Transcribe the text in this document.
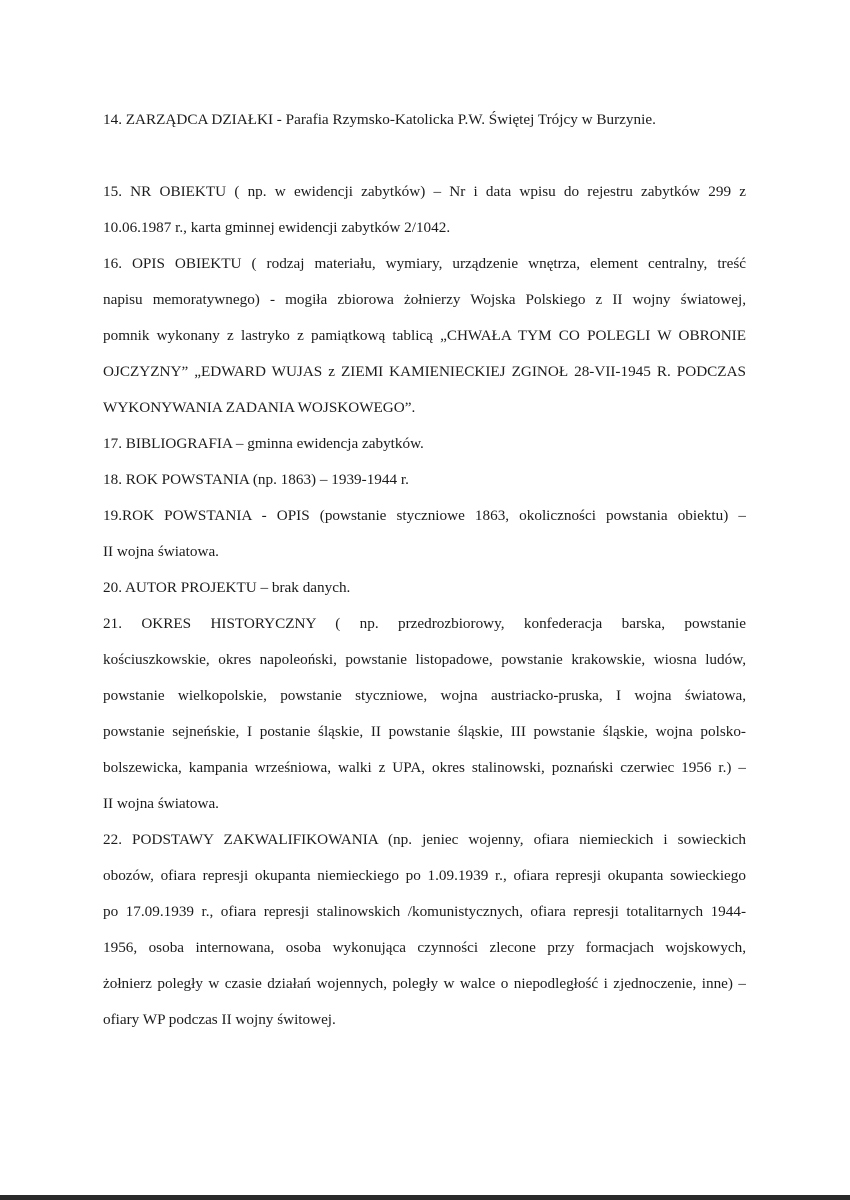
14. ZARZĄDCA DZIAŁKI - Parafia Rzymsko-Katolicka P.W. Świętej Trójcy w Burzynie.
15. NR OBIEKTU ( np. w ewidencji zabytków) – Nr i data wpisu do rejestru zabytków 299 z
10.06.1987 r., karta gminnej ewidencji zabytków 2/1042.
16. OPIS OBIEKTU ( rodzaj materiału, wymiary, urządzenie wnętrza, element centralny, treść
napisu memoratywnego) - mogiła zbiorowa żołnierzy Wojska Polskiego z II wojny światowej,
pomnik wykonany z lastryko z pamiątkową tablicą „CHWAŁA TYM CO POLEGLI W OBRONIE
OJCZYZNY” „EDWARD WUJAS z ZIEMI KAMIENIECKIEJ ZGINOŁ 28-VII-1945 R. PODCZAS
WYKONYWANIA ZADANIA WOJSKOWEGO”.
17. BIBLIOGRAFIA – gminna ewidencja zabytków.
18. ROK POWSTANIA (np. 1863) – 1939-1944 r.
19.ROK POWSTANIA - OPIS (powstanie styczniowe 1863, okoliczności powstania obiektu) –
II wojna światowa.
20. AUTOR PROJEKTU – brak danych.
21. OKRES HISTORYCZNY ( np. przedrozbiorowy, konfederacja barska, powstanie
kościuszkowskie, okres napoleoński, powstanie listopadowe, powstanie krakowskie, wiosna ludów,
powstanie wielkopolskie, powstanie styczniowe, wojna austriacko-pruska, I wojna światowa,
powstanie sejneńskie, I postanie śląskie, II powstanie śląskie, III powstanie śląskie, wojna polsko-
bolszewicka, kampania wrześniowa, walki z UPA, okres stalinowski, poznański czerwiec 1956 r.) –
II wojna światowa.
22. PODSTAWY ZAKWALIFIKOWANIA (np. jeniec wojenny, ofiara niemieckich i sowieckich
obozów, ofiara represji okupanta niemieckiego po 1.09.1939 r., ofiara represji okupanta sowieckiego
po 17.09.1939 r., ofiara represji stalinowskich /komunistycznych, ofiara represji totalitarnych 1944-
1956, osoba internowana, osoba wykonująca czynności zlecone przy formacjach wojskowych,
żołnierz poległy w czasie działań wojennych, poległy w walce o niepodległość i zjednoczenie, inne) –
ofiary WP podczas II wojny świtowej.
